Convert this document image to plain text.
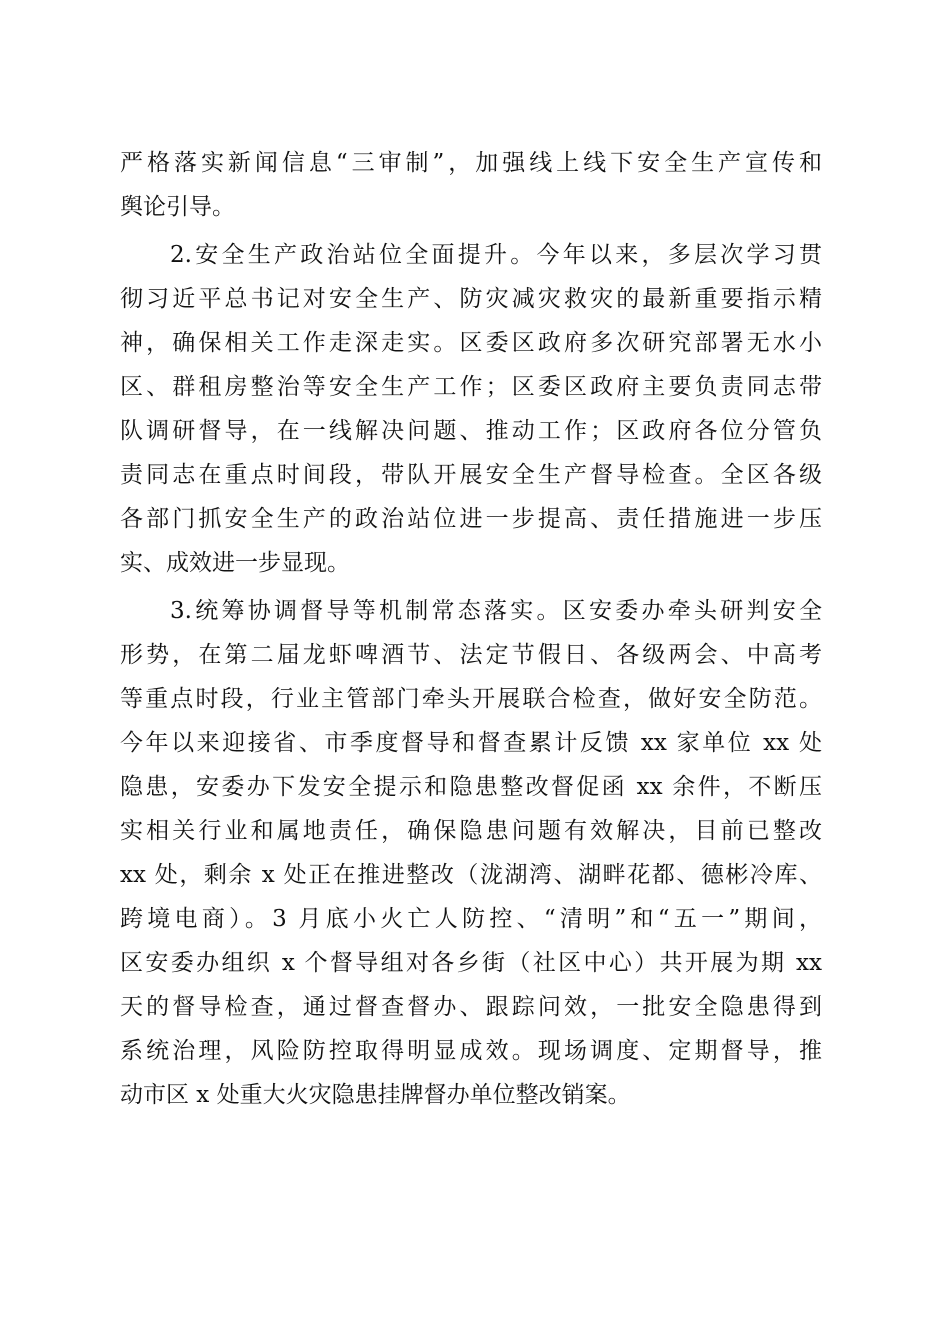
严格落实新闻信息“三审制”，加强线上线下安全生产宣传和
舆论引导。
2.安全生产政治站位全面提升。今年以来，多层次学习贯
彻习近平总书记对安全生产、防灾减灾救灾的最新重要指示精
神，确保相关工作走深走实。区委区政府多次研究部署无水小
区、群租房整治等安全生产工作；区委区政府主要负责同志带
队调研督导，在一线解决问题、推动工作；区政府各位分管负
责同志在重点时间段，带队开展安全生产督导检查。全区各级
各部门抓安全生产的政治站位进一步提高、责任措施进一步压
实、成效进一步显现。
3.统筹协调督导等机制常态落实。区安委办牵头研判安全
形势，在第二届龙虾啤酒节、法定节假日、各级两会、中高考
等重点时段，行业主管部门牵头开展联合检查，做好安全防范。
今年以来迎接省、市季度督导和督查累计反馈 xx 家单位 xx 处
隐患，安委办下发安全提示和隐患整改督促函 xx 余件，不断压
实相关行业和属地责任，确保隐患问题有效解决，目前已整改
xx 处，剩余 x 处正在推进整改（泷湖湾、湖畔花都、德彬冷库、
跨境电商）。3 月底小火亡人防控、“清明”和“五一”期间，
区安委办组织 x 个督导组对各乡街（社区中心）共开展为期 xx
天的督导检查，通过督查督办、跟踪问效，一批安全隐患得到
系统治理，风险防控取得明显成效。现场调度、定期督导，推
动市区 x 处重大火灾隐患挂牌督办单位整改销案。
